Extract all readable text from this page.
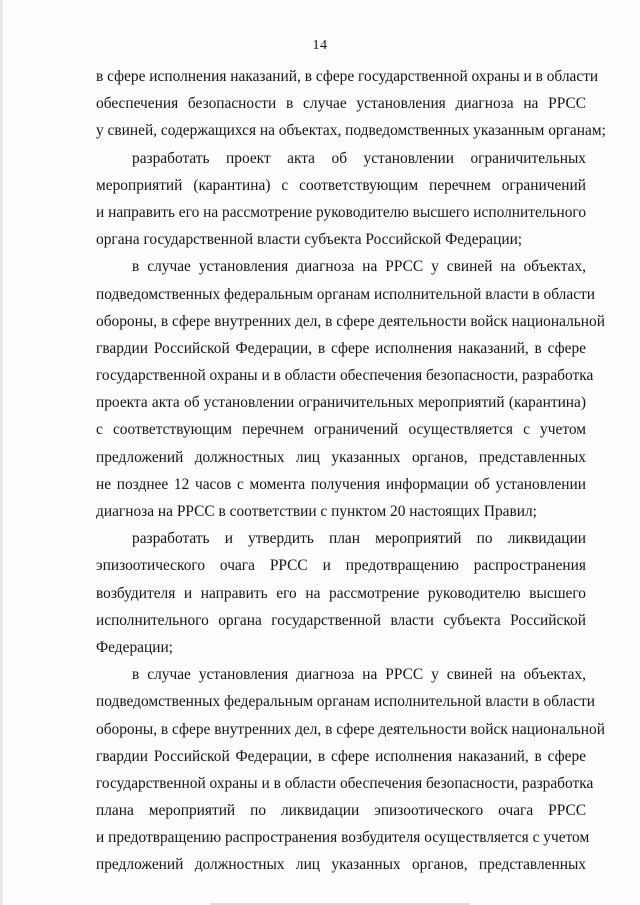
14
в сфере исполнения наказаний, в сфере государственной охраны и в области
обеспечения безопасности в случае установления диагноза на РРСС
у свиней, содержащихся на объектах, подведомственных указанным органам;
разработать проект акта об установлении ограничительных
мероприятий (карантина) с соответствующим перечнем ограничений
и направить его на рассмотрение руководителю высшего исполнительного
органа государственной власти субъекта Российской Федерации;
в случае установления диагноза на РРСС у свиней на объектах,
подведомственных федеральным органам исполнительной власти в области
обороны, в сфере внутренних дел, в сфере деятельности войск национальной
гвардии Российской Федерации, в сфере исполнения наказаний, в сфере
государственной охраны и в области обеспечения безопасности, разработка
проекта акта об установлении ограничительных мероприятий (карантина)
с соответствующим перечнем ограничений осуществляется с учетом
предложений должностных лиц указанных органов, представленных
не позднее 12 часов с момента получения информации об установлении
диагноза на РРСС в соответствии с пунктом 20 настоящих Правил;
разработать и утвердить план мероприятий по ликвидации
эпизоотического очага РРСС и предотвращению распространения
возбудителя и направить его на рассмотрение руководителю высшего
исполнительного органа государственной власти субъекта Российской
Федерации;
в случае установления диагноза на РРСС у свиней на объектах,
подведомственных федеральным органам исполнительной власти в области
обороны, в сфере внутренних дел, в сфере деятельности войск национальной
гвардии Российской Федерации, в сфере исполнения наказаний, в сфере
государственной охраны и в области обеспечения безопасности, разработка
плана мероприятий по ликвидации эпизоотического очага РРСС
и предотвращению распространения возбудителя осуществляется с учетом
предложений должностных лиц указанных органов, представленных
